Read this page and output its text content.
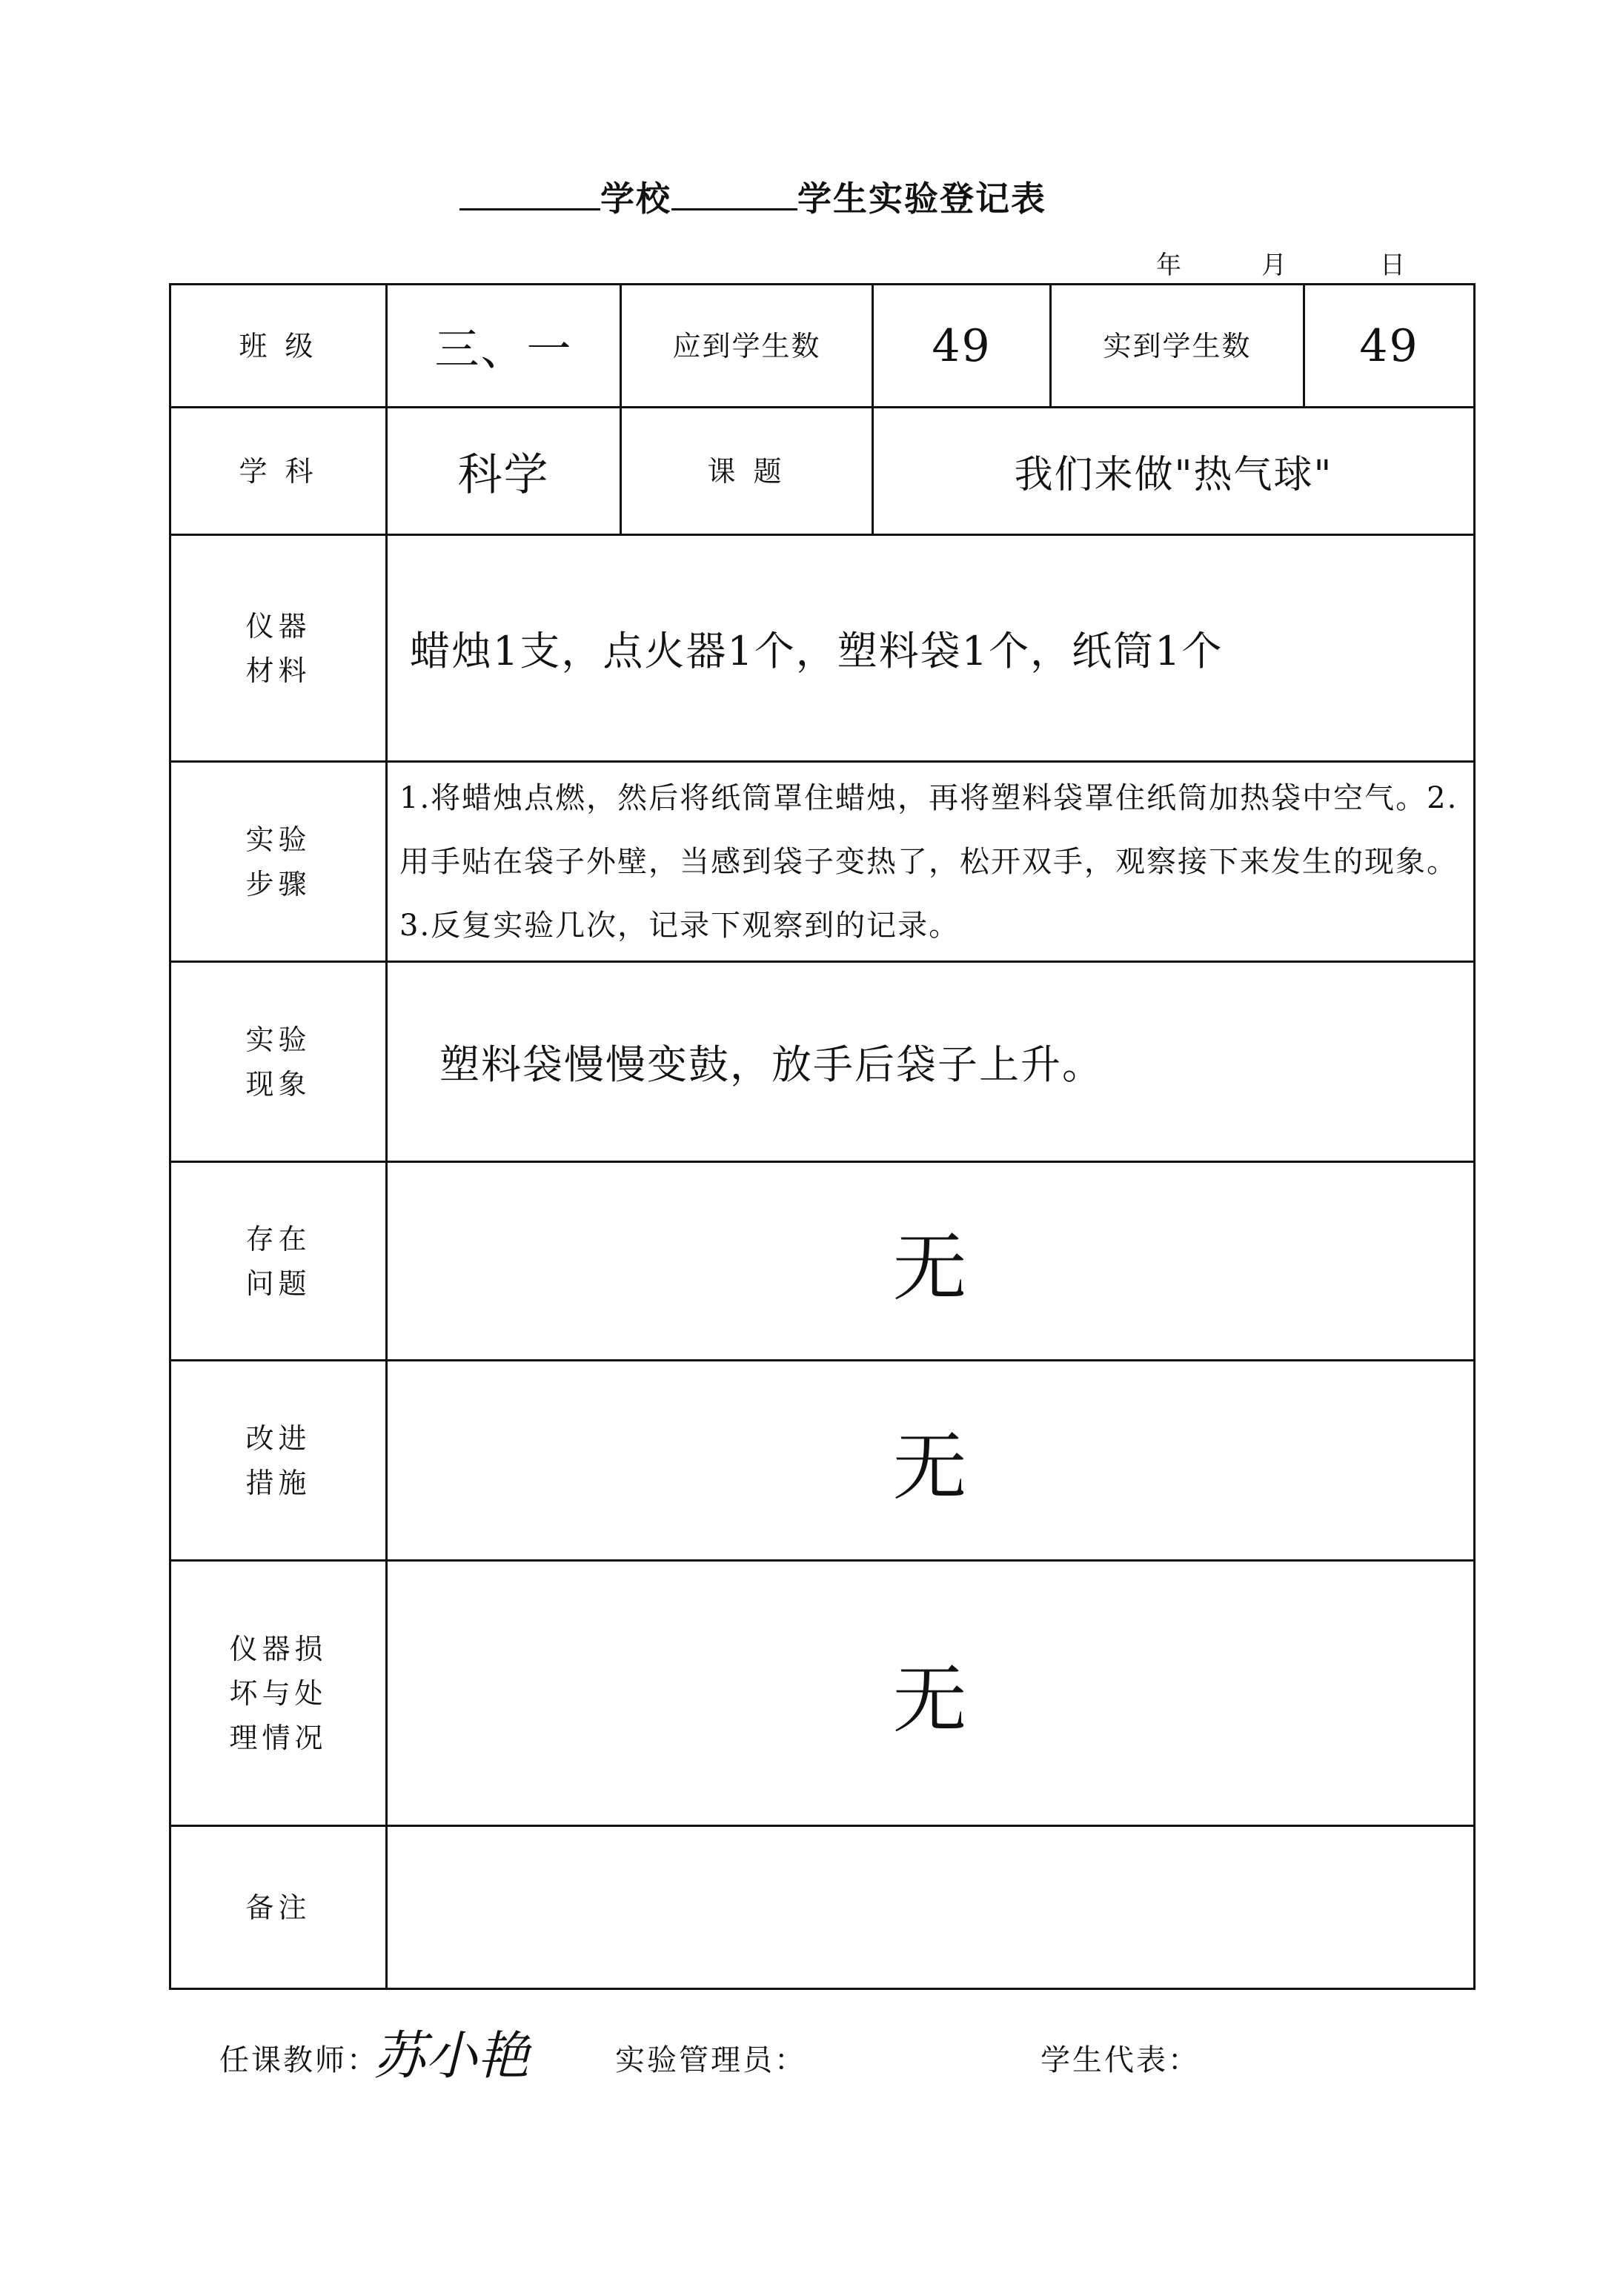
学校	学生实验登记表
年	月	日
班 级	三、一	应到学生数	49	实到学生数	49
学 科	科学	课 题	我们来做"热气球"		

仪器
材料	蜡烛1支，点火器1个，塑料袋1个，纸筒1个				

实验
步骤	1.将蜡烛点燃，然后将纸筒罩住蜡烛，再将塑料袋罩住纸筒加热袋中空气。2.用手贴在袋子外壁，当感到袋子变热了，松开双手，观察接下来发生的现象。3.反复实验几次，记录下观察到的记录。				

实验
现象	塑料袋慢慢变鼓，放手后袋子上升。				

存在
问题	无				

改进
措施	无				

仪器损
坏与处
理情况	无				
备注					
任课教师：
苏小艳	实验管理员：	学生代表：
